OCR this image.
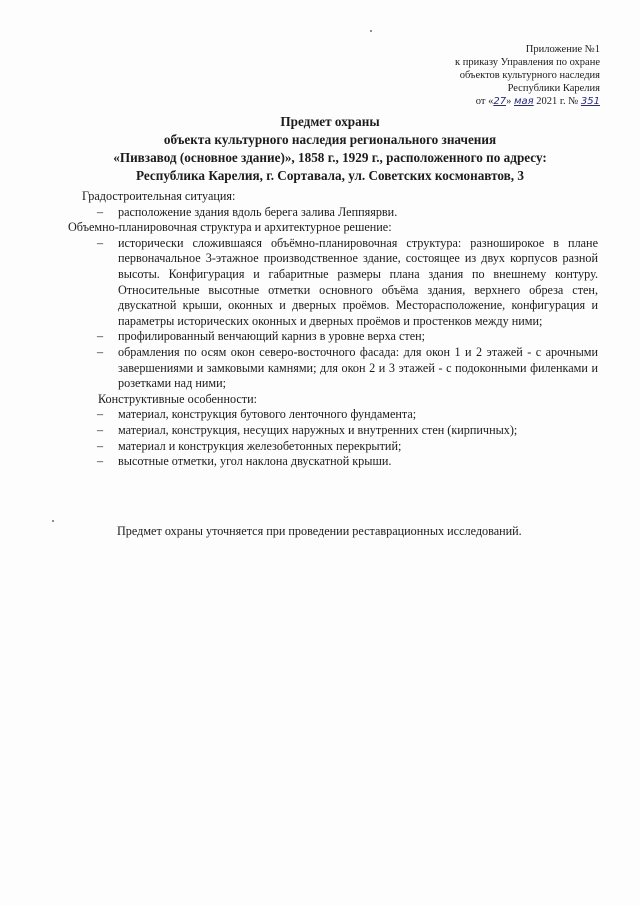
Приложение №1
к приказу Управления по охране
объектов культурного наследия
Республики Карелия
от «27» мая 2021 г. № 351
Предмет охраны
объекта культурного наследия регионального значения
«Пивзавод (основное здание)», 1858 г., 1929 г., расположенного по адресу:
Республика Карелия, г. Сортавала, ул. Советских космонавтов, 3
Градостроительная ситуация:
– расположение здания вдоль берега залива Леппяярви.
Объемно-планировочная структура и архитектурное решение:
– исторически сложившаяся объёмно-планировочная структура: разноширокое в плане первоначальное 3-этажное производственное здание, состоящее из двух корпусов разной высоты. Конфигурация и габаритные размеры плана здания по внешнему контуру. Относительные высотные отметки основного объёма здания, верхнего обреза стен, двускатной крыши, оконных и дверных проёмов. Месторасположение, конфигурация и параметры исторических оконных и дверных проёмов и простенков между ними;
– профилированный венчающий карниз в уровне верха стен;
– обрамления по осям окон северо-восточного фасада: для окон 1 и 2 этажей - с арочными завершениями и замковыми камнями; для окон 2 и 3 этажей - с подоконными филенками и розетками над ними;
Конструктивные особенности:
– материал, конструкция бутового ленточного фундамента;
– материал, конструкция, несущих наружных и внутренних стен (кирпичных);
– материал и конструкция железобетонных перекрытий;
– высотные отметки, угол наклона двускатной крыши.
Предмет охраны уточняется при проведении реставрационных исследований.
